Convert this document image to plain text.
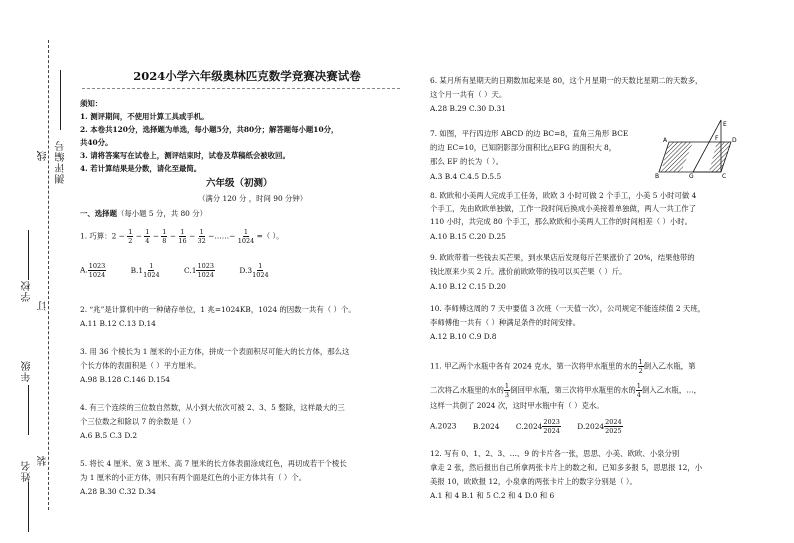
测评编号
线
学校
订
年级
姓名 装
2024小学六年级奥林匹克数学竞赛决赛试卷
须知：
1. 测评期间，不使用计算工具或手机。
2. 本卷共120分，选择题为单选，每小题5分，共80分；解答题每小题10分，
共40分。
3. 请将答案写在试卷上，测评结束时，试卷及草稿纸会被收回。
4. 若计算结果是分数，请化至最简。
六年级（初测）
（满分 120 分 ，时间 90 分钟）
一、选择题（每小题 5 分，共 80 分）
1. 巧算：$2 - \frac{1}{2} - \frac{1}{4} - \frac{1}{8} - \frac{1}{16} - \frac{1}{32}$ −……− $\frac{1}{1024}$ =（ ）。
A. $\frac{1023}{1024}$	$B.1 \frac{1}{1024}$	$C.1 \frac{1023}{1024}$	$D.3 \frac{1}{1024}$
2. “兆”是计算机中的一种储存单位，1 兆=1024KB，1024 的因数一共有（ ）个。
A.11 B.12 C.13 D.14
3. 用 36 个棱长为 1 厘米的小正方体，拼成一个表面积尽可能大的长方体，那么这
个长方体的表面积是（ ）平方厘米。
A.98 B.128 C.146 D.154
4. 有三个连续的三位数自然数，从小到大依次可被 2、3、5 整除，这样最大的三
个三位数之和除以 7 的余数是（ ）
A.6 B.5 C.3 D.2
5. 将长 4 厘米、宽 3 厘米、高 7 厘米的长方体表面涂成红色，再切成若干个棱长
为 1 厘米的小正方体，则只有两个面是红色的小正方体共有（ ）个。
A.28 B.30 C.32 D.34
6. 某月所有星期天的日期数加起来是 80，这个月星期一的天数比星期二的天数多，
这个月一共有（ ）天。
A.28 B.29 C.30 D.31
7. 如图，平行四边形 ABCD 的边 BC=8，直角三角形 BCE
的边 EC=10，已知阴影部分面积比△EFG 的面积大 8，
那么 EF 的长为（ ）。
A.3 B.4 C.4.5 D.5.5
8. 欧欧和小美两人完成手工任务，欧欧 3 小时可做 2 个手工，小美 5 小时可做 4
个手工，先由欧欧单独做，工作一段时间后换成小美接着单独做，两人一共工作了
110 小时，共完成 80 个手工，那么欧欧和小美两人工作的时间相差（ ）小时。
A.10 B.15 C.20 D.25
9. 欧欧带着一些钱去买芒果，到水果店后发现每斤芒果涨价了 20%，结果他带的
钱比原来少买 2 斤。涨价前欧欧带的钱可以买芒果（ ）斤。
A.10 B.12 C.15 D.20
10. 李师傅这周的 7 天中要值 3 次班（一天值一次），公司规定不能连续值 2 天班，
李师傅他一共有（ ）种满足条件的时间安排。
A.12 B.10 C.9 D.8
11. 甲乙两个水瓶中各有 2024 克水，第一次将甲水瓶里的水的 $\frac{1}{2}$ 倒入乙水瓶，第
二次将乙水瓶里的水的 $\frac{1}{3}$ 倒回甲水瓶，第三次将甲水瓶里的水的 $\frac{1}{4}$ 倒入乙水瓶，…，
这样一共倒了 2024 次，这时甲水瓶中有（ ）克水。
A.2023 B.2024 $C.2024 \frac{2023}{2024} D.2024 \frac{2024}{2025}$
12. 写有 0、1、2、3、…、9 的卡片各一张，思思、小美、欧欧、小泉分别
拿走 2 张，然后报出自己所拿两张卡片上的数之和。已知多多报 5，思思报 12，小
美报 10，欧欧报 12，小泉拿的两张卡片上的数字分别是（ ）。
A.1 和 4 B.1 和 5 C.2 和 4 D.0 和 6
E
A	F D
B	G	C
